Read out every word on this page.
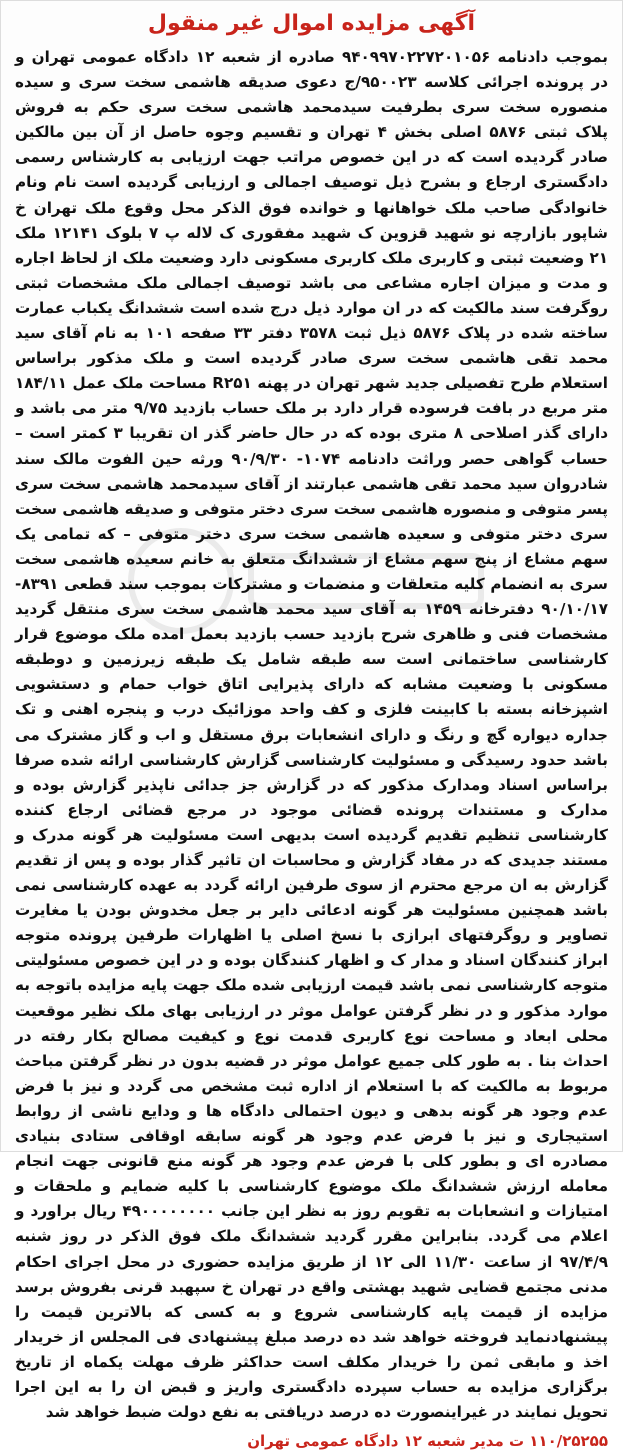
آگهی مزایده اموال غیر منقول

بموجب دادنامه ۹۴۰۹۹۷۰۲۲۷۲۰۱۰۵۶ صادره از شعبه ۱۲ دادگاه عمومی تهران و در پرونده اجرائی کلاسه ۹۵۰۰۲۳/ج دعوی صدیقه هاشمی سخت سری و سیده منصوره سخت سری بطرفیت سیدمحمد هاشمی سخت سری حکم به فروش پلاک ثبتی ۵۸۷۶ اصلی بخش ۴ تهران و تقسیم وجوه حاصل از آن بین مالکین صادر گردیده است که در این خصوص مراتب جهت ارزیابی به کارشناس رسمی دادگستری ارجاع و بشرح ذیل توصیف اجمالی و ارزیابی گردیده است نام ونام خانوادگی صاحب ملک خواهانها و خوانده فوق الذکر محل وقوع ملک تهران خ شاپور بازارچه نو شهید قزوین ک شهید مفقوری ک لاله پ ۷ بلوک ۱۲۱۴۱ ملک ۲۱ وضعیت ثبتی و کاربری ملک کاربری مسکونی دارد وضعیت ملک از لحاظ اجاره و مدت و میزان اجاره مشاعی می باشد توصیف اجمالی ملک مشخصات ثبتی روگرفت سند مالکیت که در ان موارد ذیل درج شده است ششدانگ یکباب عمارت ساخته شده در پلاک ۵۸۷۶ ذیل ثبت ۳۵۷۸ دفتر ۳۳ صفحه ۱۰۱ به نام آقای سید محمد تقی هاشمی سخت سری صادر گردیده است و ملک مذکور براساس استعلام طرح تفصیلی جدید شهر تهران در پهنه R۲۵۱ مساحت ملک عمل ۱۸۴/۱۱ متر مربع در بافت فرسوده قرار دارد بر ملک حساب بازدید ۹/۷۵ متر می باشد و دارای گذر اصلاحی ۸ متری بوده که در حال حاضر گذر ان تقریبا ۳ کمتر است – حساب گواهی حصر وراثت دادنامه ۱۰۷۴- ۹۰/۹/۳۰ ورثه حین الفوت مالک سند شادروان سید محمد تقی هاشمی عبارتند از آقای سیدمحمد هاشمی سخت سری پسر متوفی و منصوره هاشمی سخت سری دختر متوفی و صدیقه هاشمی سخت سری دختر متوفی و سعیده هاشمی سخت سری دختر متوفی – که تمامی یک سهم مشاع از پنج سهم مشاع از ششدانگ متعلق به خانم سعیده هاشمی سخت سری به انضمام کلیه متعلقات و منضمات و مشترکات بموجب سند قطعی ۸۳۹۱- ۹۰/۱۰/۱۷ دفترخانه ۱۴۵۹ به آقای سید محمد هاشمی سخت سری منتقل گردید مشخصات فنی و ظاهری شرح بازدید حسب بازدید بعمل امده ملک موضوع قرار کارشناسی ساختمانی است سه طبقه شامل یک طبقه زیرزمین و دوطبقه مسکونی با وضعیت مشابه که دارای پذیرایی اتاق خواب حمام و دستشویی اشپزخانه بسته با کابینت فلزی و کف واحد موزائیک درب و پنجره اهنی و تک جداره دیواره گچ و رنگ و دارای انشعابات برق مستقل و اب و گاز مشترک می باشد حدود رسیدگی و مسئولیت کارشناسی گزارش کارشناسی ارائه شده صرفا براساس اسناد ومدارک مذکور که در گزارش جز جدائی ناپذیر گزارش بوده و مدارک و مستندات پرونده قضائی موجود در مرجع قضائی ارجاع کننده کارشناسی تنظیم تقدیم گردیده است بدیهی است مسئولیت هر گونه مدرک و مستند جدیدی که در مفاد گزارش و محاسبات ان تاثیر گذار بوده و پس از تقدیم گزارش به ان مرجع محترم از سوی طرفین ارائه گردد به عهده کارشناسی نمی باشد همچنین مسئولیت هر گونه ادعائی دایر بر جعل مخدوش بودن یا مغایرت تصاویر و روگرفتهای ابرازی با نسخ اصلی یا اظهارات طرفین پرونده متوجه ابراز کنندگان اسناد و مدار ک و اظهار کنندگان بوده و در این خصوص مسئولیتی متوجه کارشناسی نمی باشد قیمت ارزیابی شده ملک جهت پایه مزایده باتوجه به موارد مذکور و در نظر گرفتن عوامل موثر در ارزیابی بهای ملک نظیر موقعیت محلی ابعاد و مساحت نوع کاربری قدمت نوع و کیفیت مصالح بکار رفته در احداث بنا . به طور کلی جمیع عوامل موثر در قضیه بدون در نظر گرفتن مباحث مربوط به مالکیت که با استعلام از اداره ثبت مشخص می گردد و نیز با فرض عدم وجود هر گونه بدهی و دیون احتمالی دادگاه ها و ودایع ناشی از روابط استیجاری و نیز با فرض عدم وجود هر گونه سابقه اوقافی ستادی بنیادی مصادره ای و بطور کلی با فرض عدم وجود هر گونه منع قانونی جهت انجام معامله ارزش ششدانگ ملک موضوع کارشناسی با کلیه ضمایم و ملحقات و امتیازات و انشعابات به تقویم روز به نظر این جانب ۴۹۰۰۰۰۰۰۰۰ ریال براورد و اعلام می گردد. بنابراین مقرر گردید ششدانگ ملک فوق الذکر در روز شنبه ۹۷/۴/۹ از ساعت ۱۱/۳۰ الی ۱۲ از طریق مزایده حضوری در محل اجرای احکام مدنی مجتمع قضایی شهید بهشتی واقع در تهران خ سپهبد قرنی بفروش برسد مزایده از قیمت پایه کارشناسی شروع و به کسی که بالاترین قیمت را پیشنهادنماید فروخته خواهد شد ده درصد مبلغ پیشنهادی فی المجلس از خریدار اخذ و مابقی ثمن را خریدار مکلف است حداکثر ظرف مهلت یکماه از تاریخ برگزاری مزایده به حساب سپرده دادگستری واریز و قبض ان را به این اجرا تحویل نمایند در غیراینصورت ده درصد دریافتی به نفع دولت ضبط خواهد شد

۱۱۰/۲۵۲۵۵ ت مدیر شعبه ۱۲ دادگاه عمومی تهران
